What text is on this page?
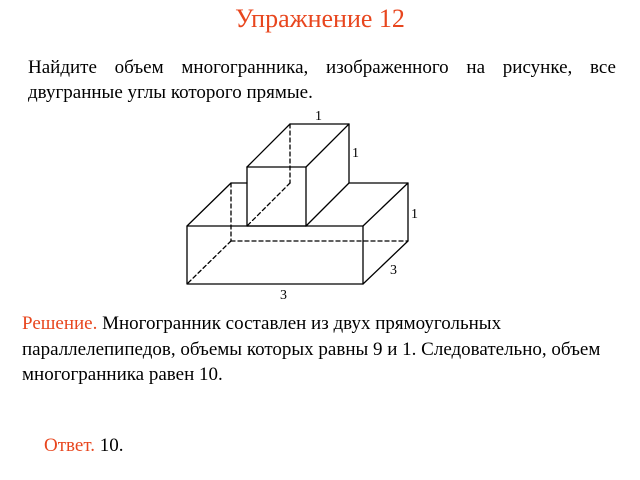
Упражнение 12
Найдите объем многогранника, изображенного на рисунке, все двугранные углы которого прямые.
1
1
1
3
3
Решение. Многогранник составлен из двух прямоугольных параллелепипедов, объемы которых равны 9 и 1. Следовательно, объем многогранника равен 10.
Ответ. 10.
